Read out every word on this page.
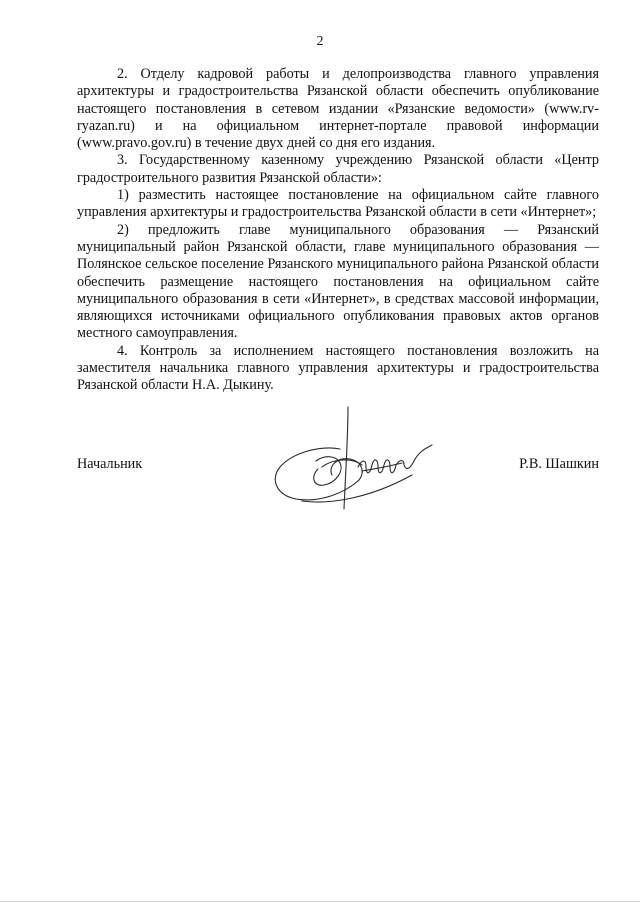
2

2. Отделу кадровой работы и делопроизводства главного управления архитектуры и градостроительства Рязанской области обеспечить опубликование настоящего постановления в сетевом издании «Рязанские ведомости» (www.rv-ryazan.ru) и на официальном интернет-портале правовой информации (www.pravo.gov.ru) в течение двух дней со дня его издания.

3. Государственному казенному учреждению Рязанской области «Центр градостроительного развития Рязанской области»:

1) разместить настоящее постановление на официальном сайте главного управления архитектуры и градостроительства Рязанской области в сети «Интернет»;

2) предложить главе муниципального образования — Рязанский муниципальный район Рязанской области, главе муниципального образования — Полянское сельское поселение Рязанского муниципального района Рязанской области обеспечить размещение настоящего постановления на официальном сайте муниципального образования в сети «Интернет», в средствах массовой информации, являющихся источниками официального опубликования правовых актов органов местного самоуправления.

4. Контроль за исполнением настоящего постановления возложить на заместителя начальника главного управления архитектуры и градостроительства Рязанской области Н.А. Дыкину.

Начальник	Р.В. Шашкин
